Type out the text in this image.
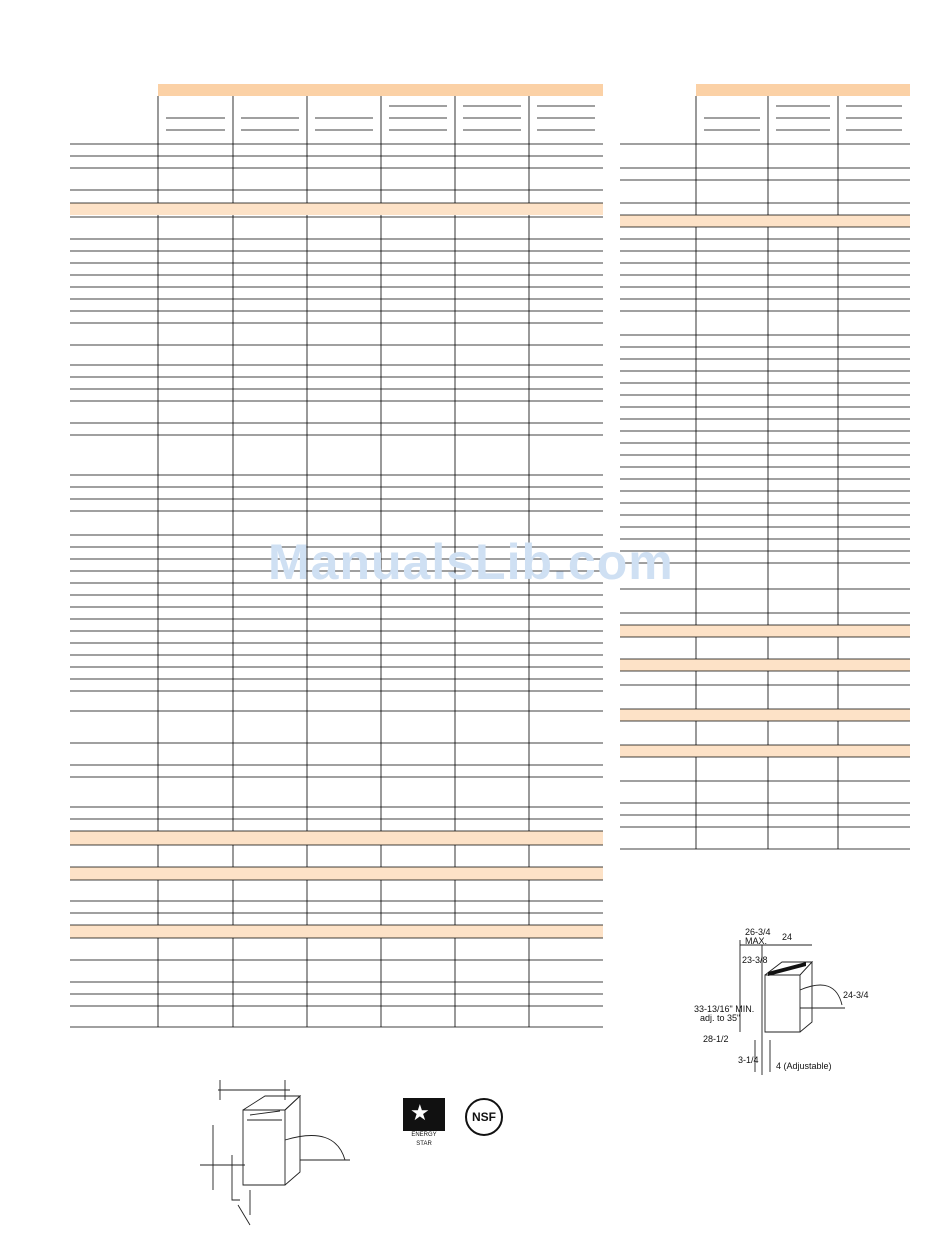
ManualsLib.com
★
ENERGY STAR
NSF
26-3/4
MAX. 24
23-3/8
24-3/4
33-13/16" MIN.
adj. to 35"
28-1/2
3-1/4
4 (Adjustable)
